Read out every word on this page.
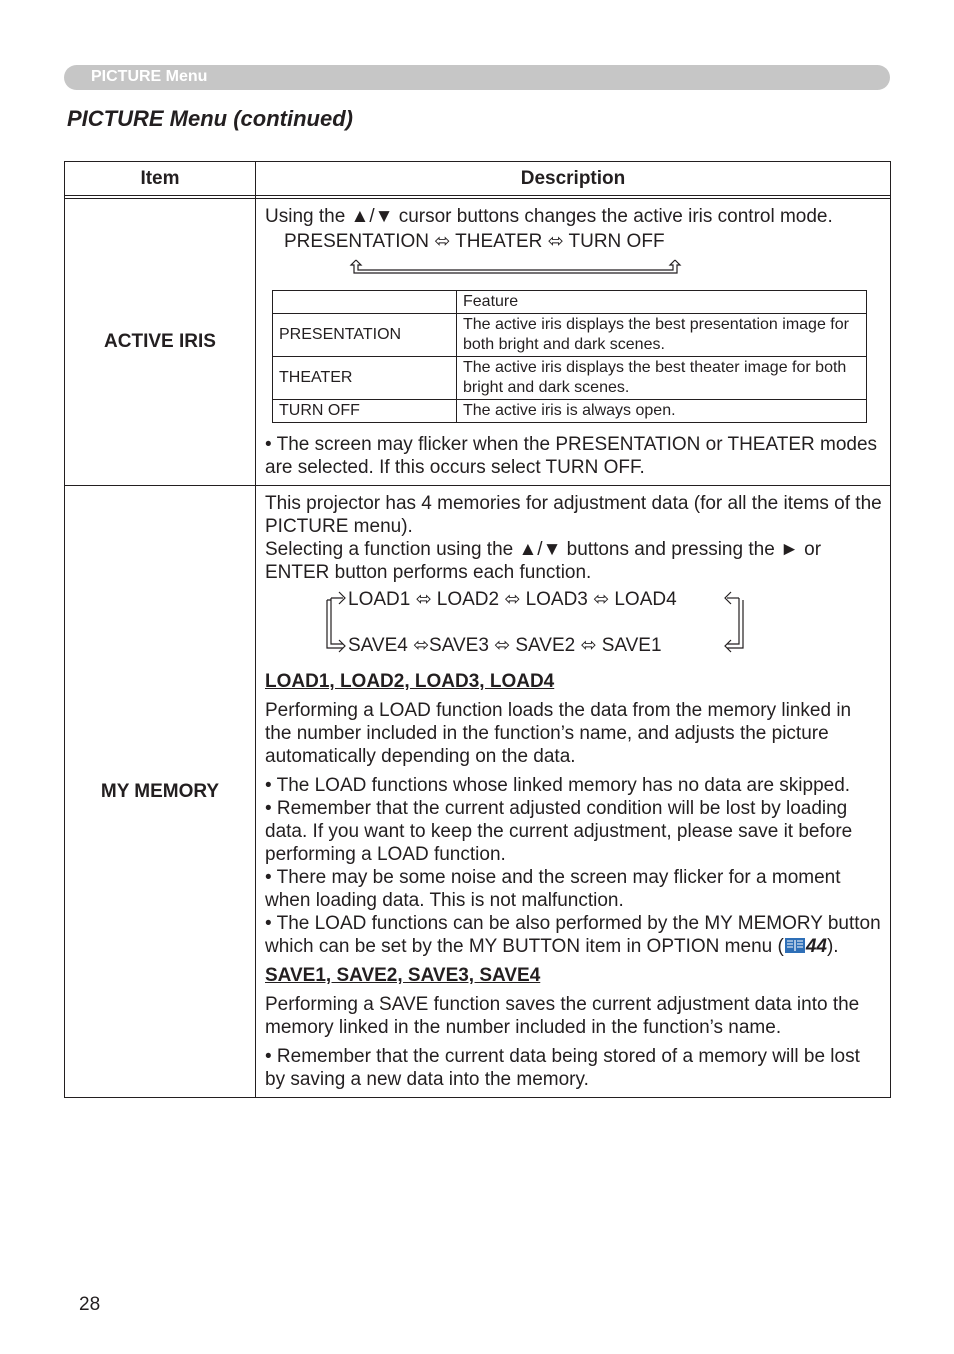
PICTURE Menu
PICTURE Menu (continued)
Item	Description

ACTIVE IRIS	

Using the ▲/▼ cursor buttons changes the active iris control mode.

PRESENTATION ⬄ THEATER ⬄ TURN OFF
	Feature
PRESENTATION	The active iris displays the best presentation image for both bright and dark scenes.
THEATER	The active iris displays the best theater image for both bright and dark scenes.
TURN OFF	The active iris is always open.

• The screen may flicker when the PRESENTATION or THEATER modes are selected. If this occurs select TURN OFF.

MY MEMORY	

This projector has 4 memories for adjustment data (for all the items of the PICTURE menu).

Selecting a function using the ▲/▼ buttons and pressing the ► or ENTER button performs each function.

LOAD1 ⬄ LOAD2 ⬄ LOAD3 ⬄ LOAD4
SAVE4 ⬄SAVE3 ⬄ SAVE2 ⬄ SAVE1

LOAD1, LOAD2, LOAD3, LOAD4

Performing a LOAD function loads the data from the memory linked in the number included in the function’s name, and adjusts the picture automatically depending on the data.

• The LOAD functions whose linked memory has no data are skipped.

• Remember that the current adjusted condition will be lost by loading data. If you want to keep the current adjustment, please save it before performing a LOAD function.

• There may be some noise and the screen may flicker for a moment when loading data. This is not malfunction.

• The LOAD functions can be also performed by the MY MEMORY button which can be set by the MY BUTTON item in OPTION menu ( 44).

SAVE1, SAVE2, SAVE3, SAVE4

Performing a SAVE function saves the current adjustment data into the memory linked in the number included in the function’s name.

• Remember that the current data being stored of a memory will be lost by saving a new data into the memory.

28
